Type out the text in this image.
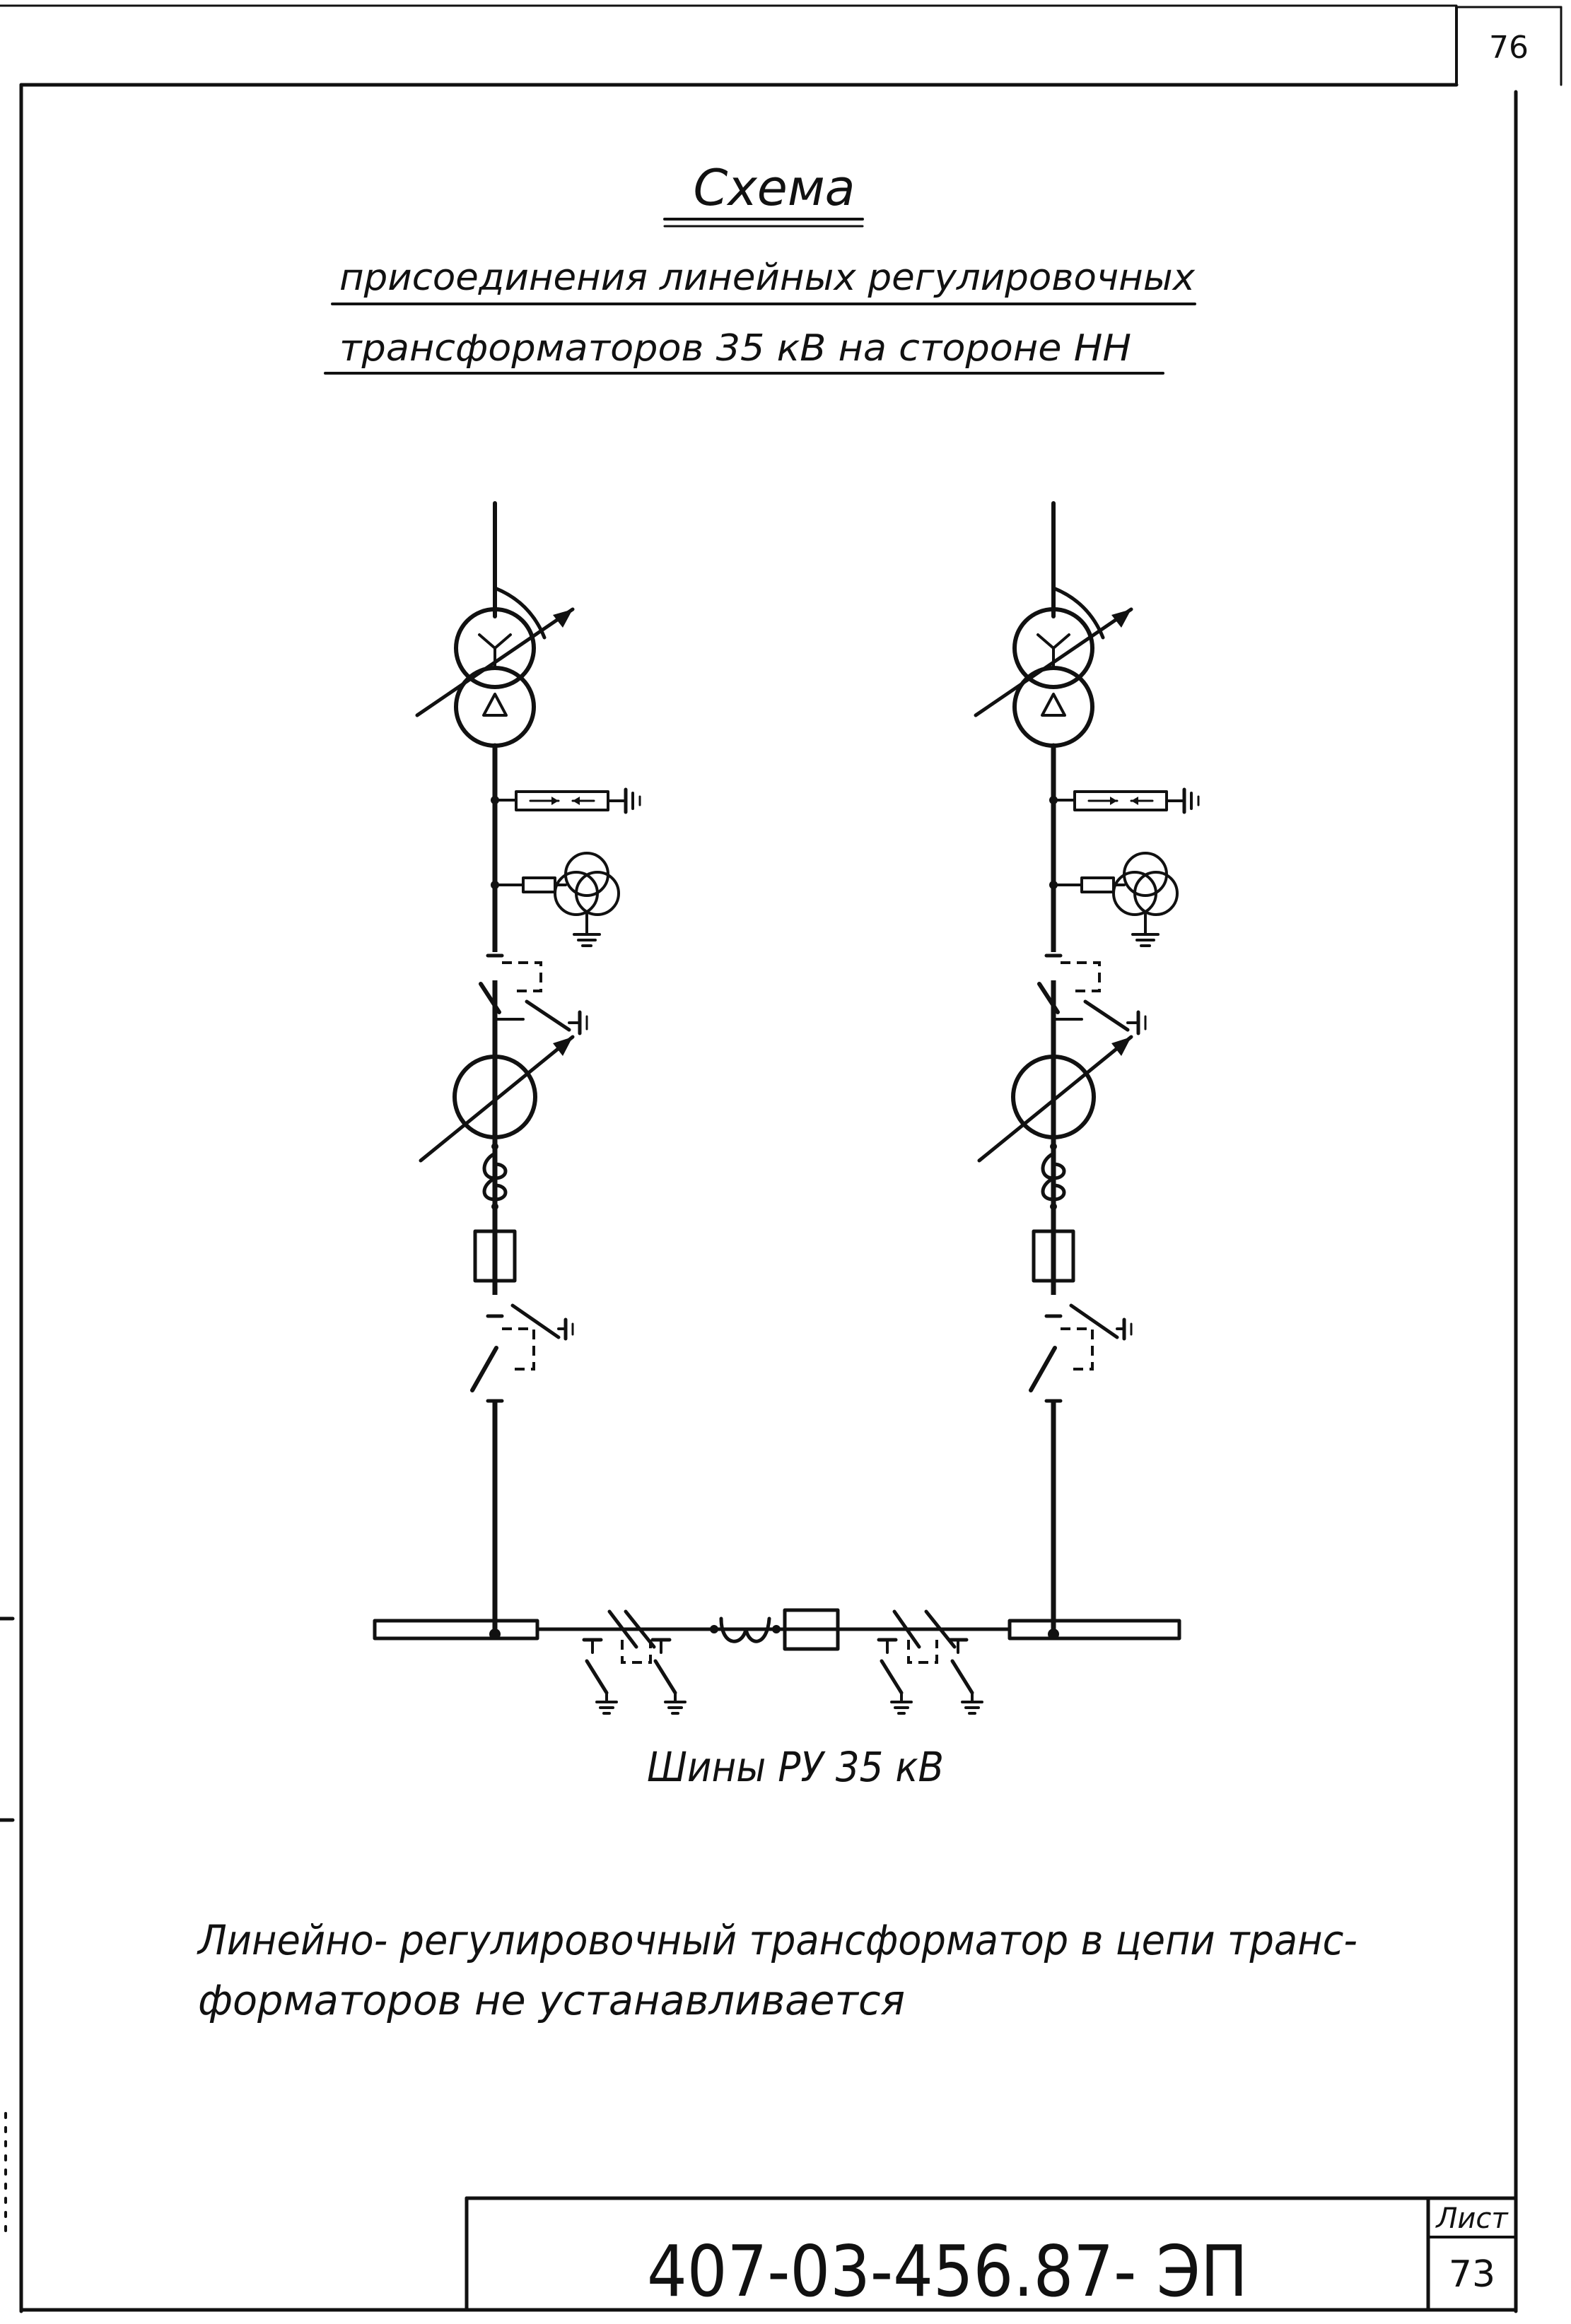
76
Схема
присоединения линейных регулировочных
трансформаторов 35 кВ на стороне НН
Шины РУ 35 кВ
Линейно- регулировочный трансформатор в цепи транс-
форматоров не устанавливается
407-03-456.87- ЭП
Лист
73
